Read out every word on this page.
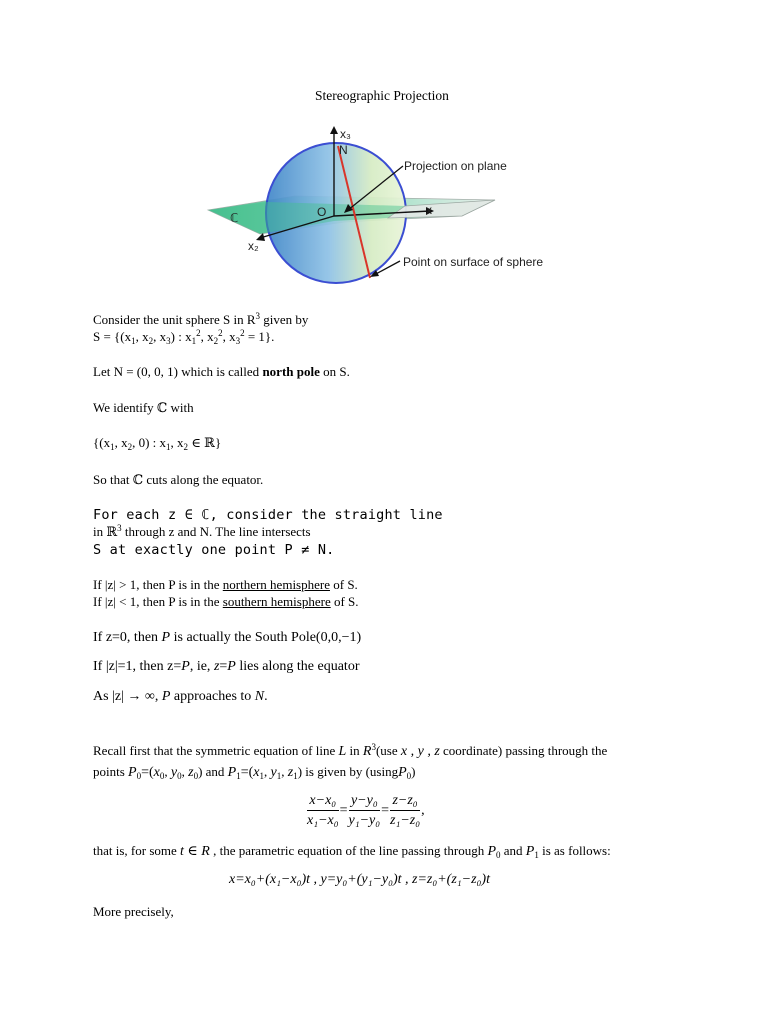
Stereographic Projection
x₃
N
O	x
x₂
ℂ
Projection on plane
Point on surface of sphere
Consider the unit sphere S in $R^3$ given by
$S = \{(x_1$, $x_2$, $x_3$) : $x_1^2$, $x_2^2$, $x_3^2 = 1$}.
Let N = (0, 0, 1) which is called north pole on S.
We identify ℂ with
{($x_1$, $x_2$, 0) : $x_1$, $x_2$ ∈ ℝ}
So that ℂ cuts along the equator.
For each z ∈ ℂ, consider the straight line
in ℝ$^3$ through z and N. The line intersects
S at exactly one point P ≠ N.
If |z| > 1, then P is in the northern hemisphere of S.
If |z| < 1, then P is in the southern hemisphere of S.
If z=0, then P is actually the South Pole(0,0,−1)
If |z|=1, then z=P, ie, z=P lies along the equator
As |z| → ∞, P approaches to N.
Recall first that the symmetric equation of line L in $R^3(use$ x , y , z coordinate) passing through the
points $P_0=(x_0$, $y_0$, $z_0$) and $P_1=(x_1$, $y_1$, $z_1$) is given by (usingP$_0$)
$\frac{\text{x−x₀}}{\text{x₁−x₀}} = \frac{\text{y−y₀}}{\text{y₁−y₀}} = \frac{\text{z−z₀}}{\text{z₁−z₀}}$ ,
that is, for some t ∈ R , the parametric equation of the line passing through $P_0$ and $P_1$ is as follows:
x=x₀+(x₁−x₀)t , y=y₀+(y₁−y₀)t , z=z₀+(z₁−z₀)t
More precisely,
